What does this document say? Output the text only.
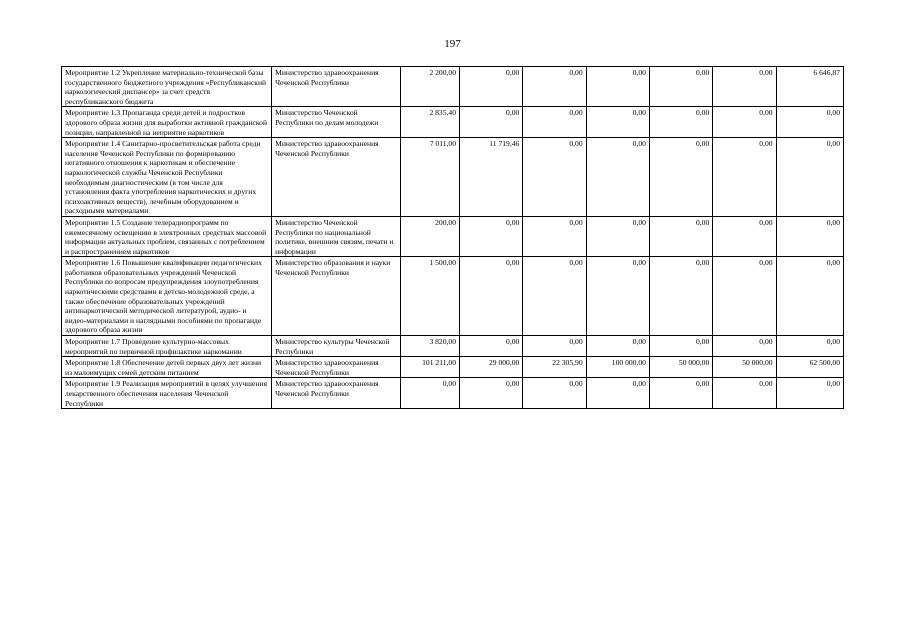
197
Мероприятие 1.2 Укрепление материально-технической базы государственного бюджетного учреждения «Республиканский наркологический диспансер» за счет средств республиканского бюджета	Министерство здравоохранения Чеченской Республики	2 200,00	0,00	0,00	0,00	0,00	0,00	6 646,87
Мероприятие 1.3 Пропаганда среди детей и подростков здорового образа жизни для выработки активной гражданской позиции, направленной на неприятие наркотиков	Министерство Чеченской Республики по делам молодежи	2 835,40	0,00	0,00	0,00	0,00	0,00	0,00
Мероприятие 1.4 Санитарно-просветительская работа среди населения Чеченской Республики по формированию негативного отношения к наркотикам и обеспечение наркологической службы Чеченской Республики необходимым диагностическим (в том числе для установления факта употребления наркотических и других психоактивных веществ), лечебным оборудованием и расходными материалами	Министерство здравоохранения Чеченской Республики	7 011,00	11 719,46	0,00	0,00	0,00	0,00	0,00
Мероприятие 1.5 Создание телерадиопрограмм по ежемесячному освещению в электронных средствах массовой информации актуальных проблем, связанных с потреблением и распространением наркотиков	Министерство Чеченской Республики по национальной политике, внешним связям, печати и информации	200,00	0,00	0,00	0,00	0,00	0,00	0,00
Мероприятие 1.6 Повышение квалификации педагогических работников образовательных учреждений Чеченской Республики по вопросам предупреждения злоупотребления наркотическими средствами в детско-молодежной среде, а также обеспечение образовательных учреждений антинаркотической методической литературой, аудио- и видео-материалами и наглядными пособиями по пропаганде здорового образа жизни	Министерство образования и науки Чеченской Республики	1 500,00	0,00	0,00	0,00	0,00	0,00	0,00
Мероприятие 1.7 Проведение культурно-массовых мероприятий по первичной профилактике наркомании	Министерство культуры Чеченской Республики	3 820,00	0,00	0,00	0,00	0,00	0,00	0,00
Мероприятие 1.8 Обеспечение детей первых двух лет жизни из малоимущих семей детским питанием	Министерство здравоохранения Чеченской Республики	101 211,00	29 000,00	22 305,90	100 000,00	50 000,00	50 000,00	62 500,00
Мероприятие 1.9 Реализация мероприятий в целях улучшения лекарственного обеспечения населения Чеченской Республики	Министерство здравоохранения Чеченской Республики	0,00	0,00	0,00	0,00	0,00	0,00	0,00
